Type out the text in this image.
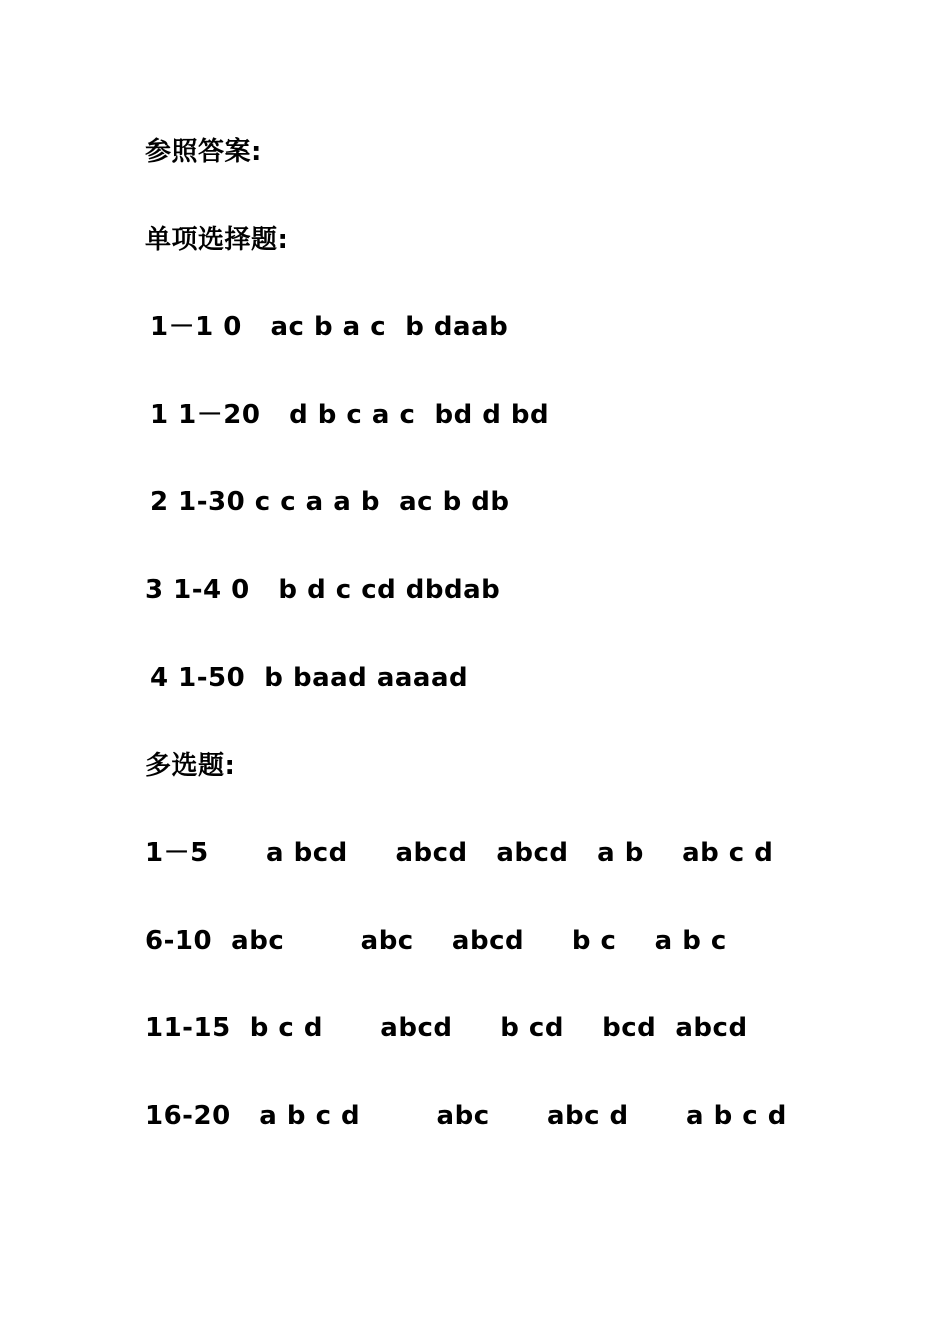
参照答案:
单项选择题:
1－1 0   ac b a c  b daab
1 1－20   d b c a c  bd d bd
2 1-30 c c a a b  ac b db
3 1-4 0   b d c cd dbdab
4 1-50  b baad aaaad
多选题:
1－5      a bcd     abcd   abcd   a b    ab c d
6-10  abc        abc    abcd     b c    a b c
11-15  b c d      abcd     b cd    bcd  abcd
16-20   a b c d        abc      abc d      a b c d
